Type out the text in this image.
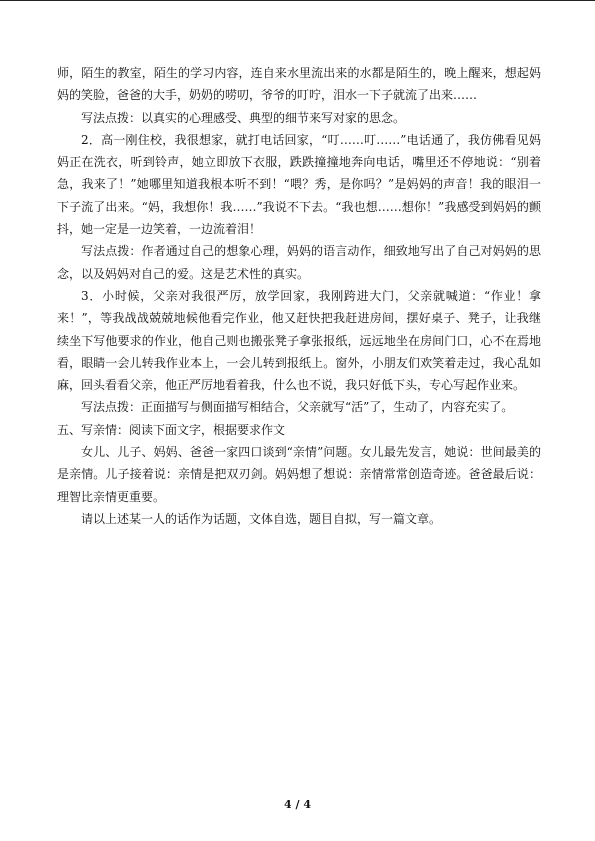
师，陌生的教室，陌生的学习内容，连自来水里流出来的水都是陌生的，晚上醒来，想起妈妈的笑脸，爸爸的大手，奶奶的唠叨，爷爷的叮咛，泪水一下子就流了出来……

写法点拨：以真实的心理感受、典型的细节来写对家的思念。

2．高一刚住校，我很想家，就打电话回家，“叮……叮……”电话通了，我仿佛看见妈妈正在洗衣，听到铃声，她立即放下衣服，跌跌撞撞地奔向电话，嘴里还不停地说：“别着急，我来了！”她哪里知道我根本听不到！“喂？秀，是你吗？”是妈妈的声音！我的眼泪一下子流了出来。“妈，我想你！我……”我说不下去。“我也想……想你！”我感受到妈妈的颤抖，她一定是一边笑着，一边流着泪！

写法点拨：作者通过自己的想象心理，妈妈的语言动作，细致地写出了自己对妈妈的思念，以及妈妈对自己的爱。这是艺术性的真实。

3．小时候，父亲对我很严厉，放学回家，我刚跨进大门，父亲就喊道：“作业！拿来！”，等我战战兢兢地候他看完作业，他又赶快把我赶进房间，摆好桌子、凳子，让我继续坐下写他要求的作业，他自己则也搬张凳子拿张报纸，远远地坐在房间门口，心不在焉地看，眼睛一会儿转我作业本上，一会儿转到报纸上。窗外，小朋友们欢笑着走过，我心乱如麻，回头看看父亲，他正严厉地看着我，什么也不说，我只好低下头，专心写起作业来。

写法点拨：正面描写与侧面描写相结合，父亲就写“活”了，生动了，内容充实了。

五、写亲情：阅读下面文字，根据要求作文

女儿、儿子、妈妈、爸爸一家四口谈到“亲情”问题。女儿最先发言，她说：世间最美的是亲情。儿子接着说：亲情是把双刃剑。妈妈想了想说：亲情常常创造奇迹。爸爸最后说：理智比亲情更重要。

请以上述某一人的话作为话题，文体自选，题目自拟，写一篇文章。

4 / 4
